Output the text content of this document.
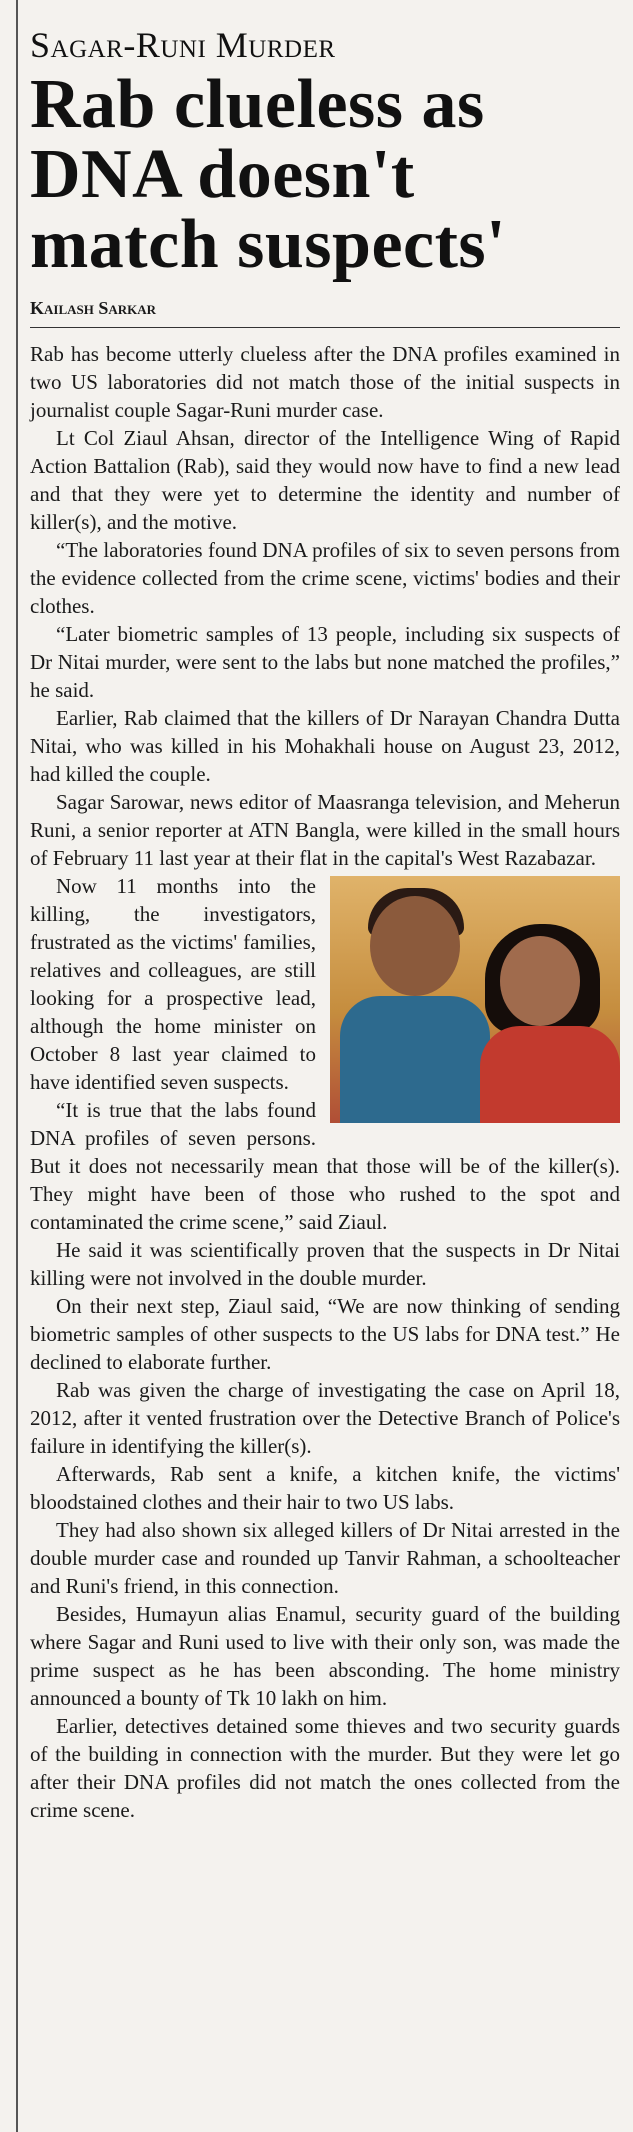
Sagar-Runi Murder
Rab clueless as DNA doesn't match suspects'
Kailash Sarkar

Rab has become utterly clueless after the DNA profiles examined in two US laboratories did not match those of the initial suspects in journalist couple Sagar-Runi murder case.

Lt Col Ziaul Ahsan, director of the Intelligence Wing of Rapid Action Battalion (Rab), said they would now have to find a new lead and that they were yet to determine the identity and number of killer(s), and the motive.

“The laboratories found DNA profiles of six to seven persons from the evidence collected from the crime scene, victims' bodies and their clothes.

“Later biometric samples of 13 people, including six suspects of Dr Nitai murder, were sent to the labs but none matched the profiles,” he said.

Earlier, Rab claimed that the killers of Dr Narayan Chandra Dutta Nitai, who was killed in his Mohakhali house on August 23, 2012, had killed the couple.

Sagar Sarowar, news editor of Maasranga television, and Meherun Runi, a senior reporter at ATN Bangla, were killed in the small hours of February 11 last year at their flat in the capital's West Razabazar.

Now 11 months into the killing, the investigators, frustrated as the victims' families, relatives and colleagues, are still looking for a prospective lead, although the home minister on October 8 last year claimed to have identified seven suspects.

“It is true that the labs found DNA profiles of seven persons. But it does not necessarily mean that those will be of the killer(s). They might have been of those who rushed to the spot and contaminated the crime scene,” said Ziaul.

He said it was scientifically proven that the suspects in Dr Nitai killing were not involved in the double murder.

On their next step, Ziaul said, “We are now thinking of sending biometric samples of other suspects to the US labs for DNA test.” He declined to elaborate further.

Rab was given the charge of investigating the case on April 18, 2012, after it vented frustration over the Detective Branch of Police's failure in identifying the killer(s).

Afterwards, Rab sent a knife, a kitchen knife, the victims' bloodstained clothes and their hair to two US labs.

They had also shown six alleged killers of Dr Nitai arrested in the double murder case and rounded up Tanvir Rahman, a schoolteacher and Runi's friend, in this connection.

Besides, Humayun alias Enamul, security guard of the building where Sagar and Runi used to live with their only son, was made the prime suspect as he has been absconding. The home ministry announced a bounty of Tk 10 lakh on him.

Earlier, detectives detained some thieves and two security guards of the building in connection with the murder. But they were let go after their DNA profiles did not match the ones collected from the crime scene.
